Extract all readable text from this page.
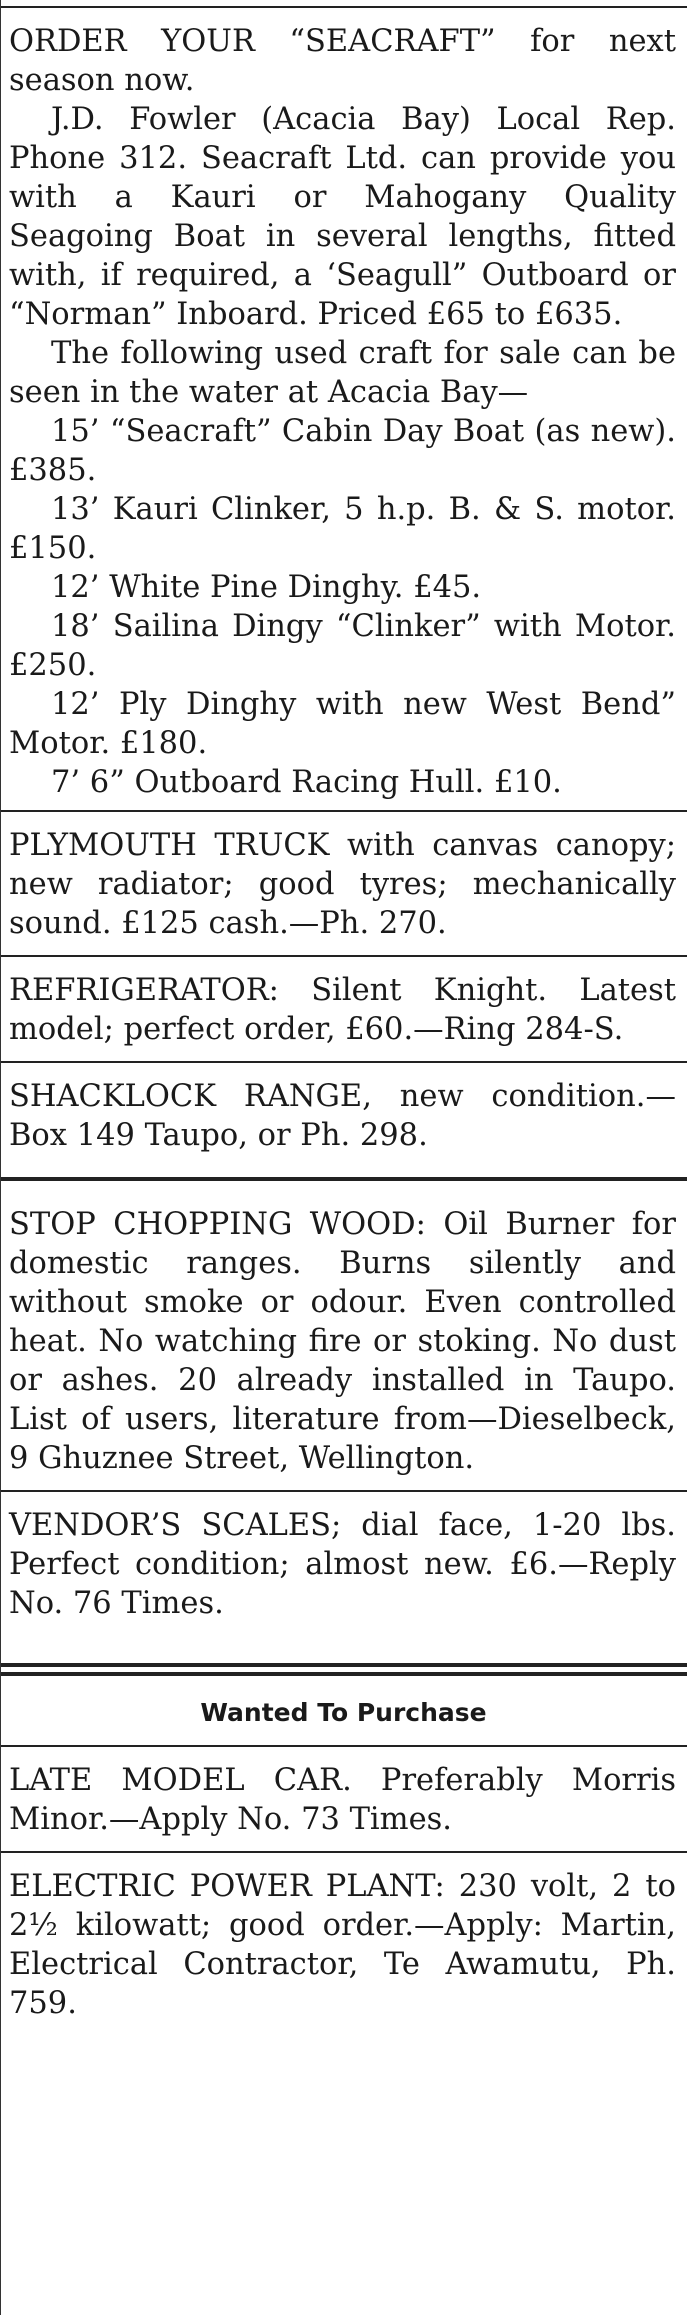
ORDER YOUR “SEACRAFT” for next season now.

J.D. Fowler (Acacia Bay) Local Rep. Phone 312. Seacraft Ltd. can provide you with a Kauri or Mahogany Quality Seagoing Boat in several lengths, fitted with, if required, a ‘Seagull” Outboard or “Norman” Inboard. Priced £65 to £635.

The following used craft for sale can be seen in the water at Acacia Bay—

15’ “Seacraft” Cabin Day Boat (as new). £385.

13’ Kauri Clinker, 5 h.p. B. & S. motor. £150.

12’ White Pine Dinghy. £45.

18’ Sailina Dingy “Clinker” with Motor. £250.

12’ Ply Dinghy with new West Bend” Motor. £180.

7’ 6” Outboard Racing Hull. £10.

PLYMOUTH TRUCK with canvas canopy; new radiator; good tyres; mechanically sound. £125 cash.—Ph. 270.

REFRIGERATOR: Silent Knight. Latest model; perfect order, £60.—Ring 284-S.

SHACKLOCK RANGE, new condition.—Box 149 Taupo, or Ph. 298.

STOP CHOPPING WOOD: Oil Burner for domestic ranges. Burns silently and without smoke or odour. Even controlled heat. No watching fire or stoking. No dust or ashes. 20 already installed in Taupo. List of users, literature from—Dieselbeck, 9 Ghuznee Street, Wellington.

VENDOR’S SCALES; dial face, 1-20 lbs. Perfect condition; almost new. £6.—Reply No. 76 Times.

Wanted To Purchase

LATE MODEL CAR. Preferably Morris Minor.—Apply No. 73 Times.

ELECTRIC POWER PLANT: 230 volt, 2 to 2½ kilowatt; good order.—Apply: Martin, Electrical Contractor, Te Awamutu, Ph. 759.
